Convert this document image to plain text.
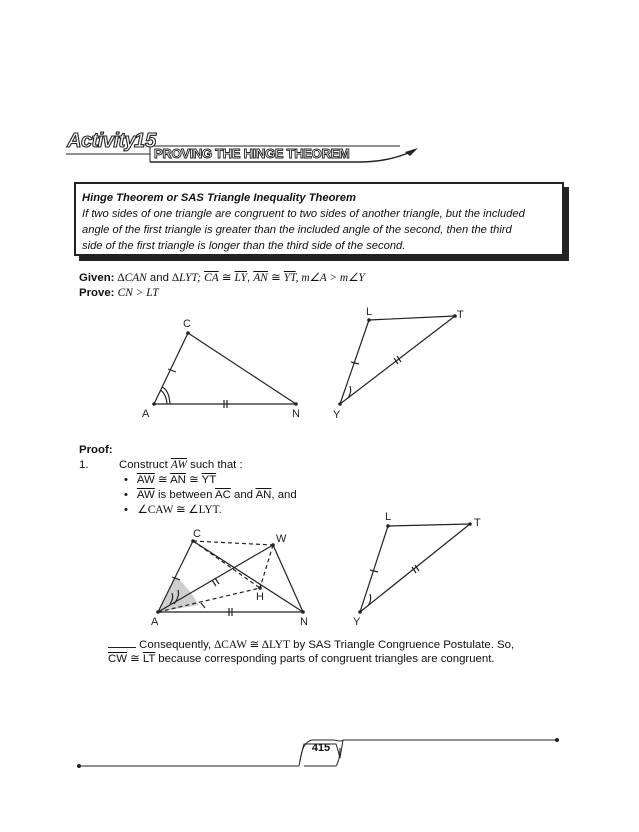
Activity
15
PROVING THE HINGE THEOREM
Hinge Theorem or SAS Triangle Inequality Theorem
If two sides of one triangle are congruent to two sides of another triangle, but the included
angle of the first triangle is greater than the included angle of the second, then the third
side of the first triangle is longer than the third side of the second.
Given: ∆CAN and ∆LYT; $\overline{CA}$ ≅ $\overline{LY}$, $\overline{AN}$ ≅ $\overline{YT}$, m∠A > m∠Y
Prove: CN > LT
C
A	N
L	T
Y
C	W
H
A	N
L	T
Y
Proof:
1.	Construct $\overline{AW}$ such that :
• $\overline{AW}$ ≅ $\overline{AN}$ ≅ $\overline{YT}$
• $\overline{AW}$ is between $\overline{AC}$ and $\overline{AN}$, and
• ∠CAW ≅ ∠LYT.
Consequently, ∆CAW ≅ ∆LYT by SAS Triangle Congruence Postulate. So,
$\overline{CW}$ ≅ $\overline{LT}$ because corresponding parts of congruent triangles are congruent.
415
